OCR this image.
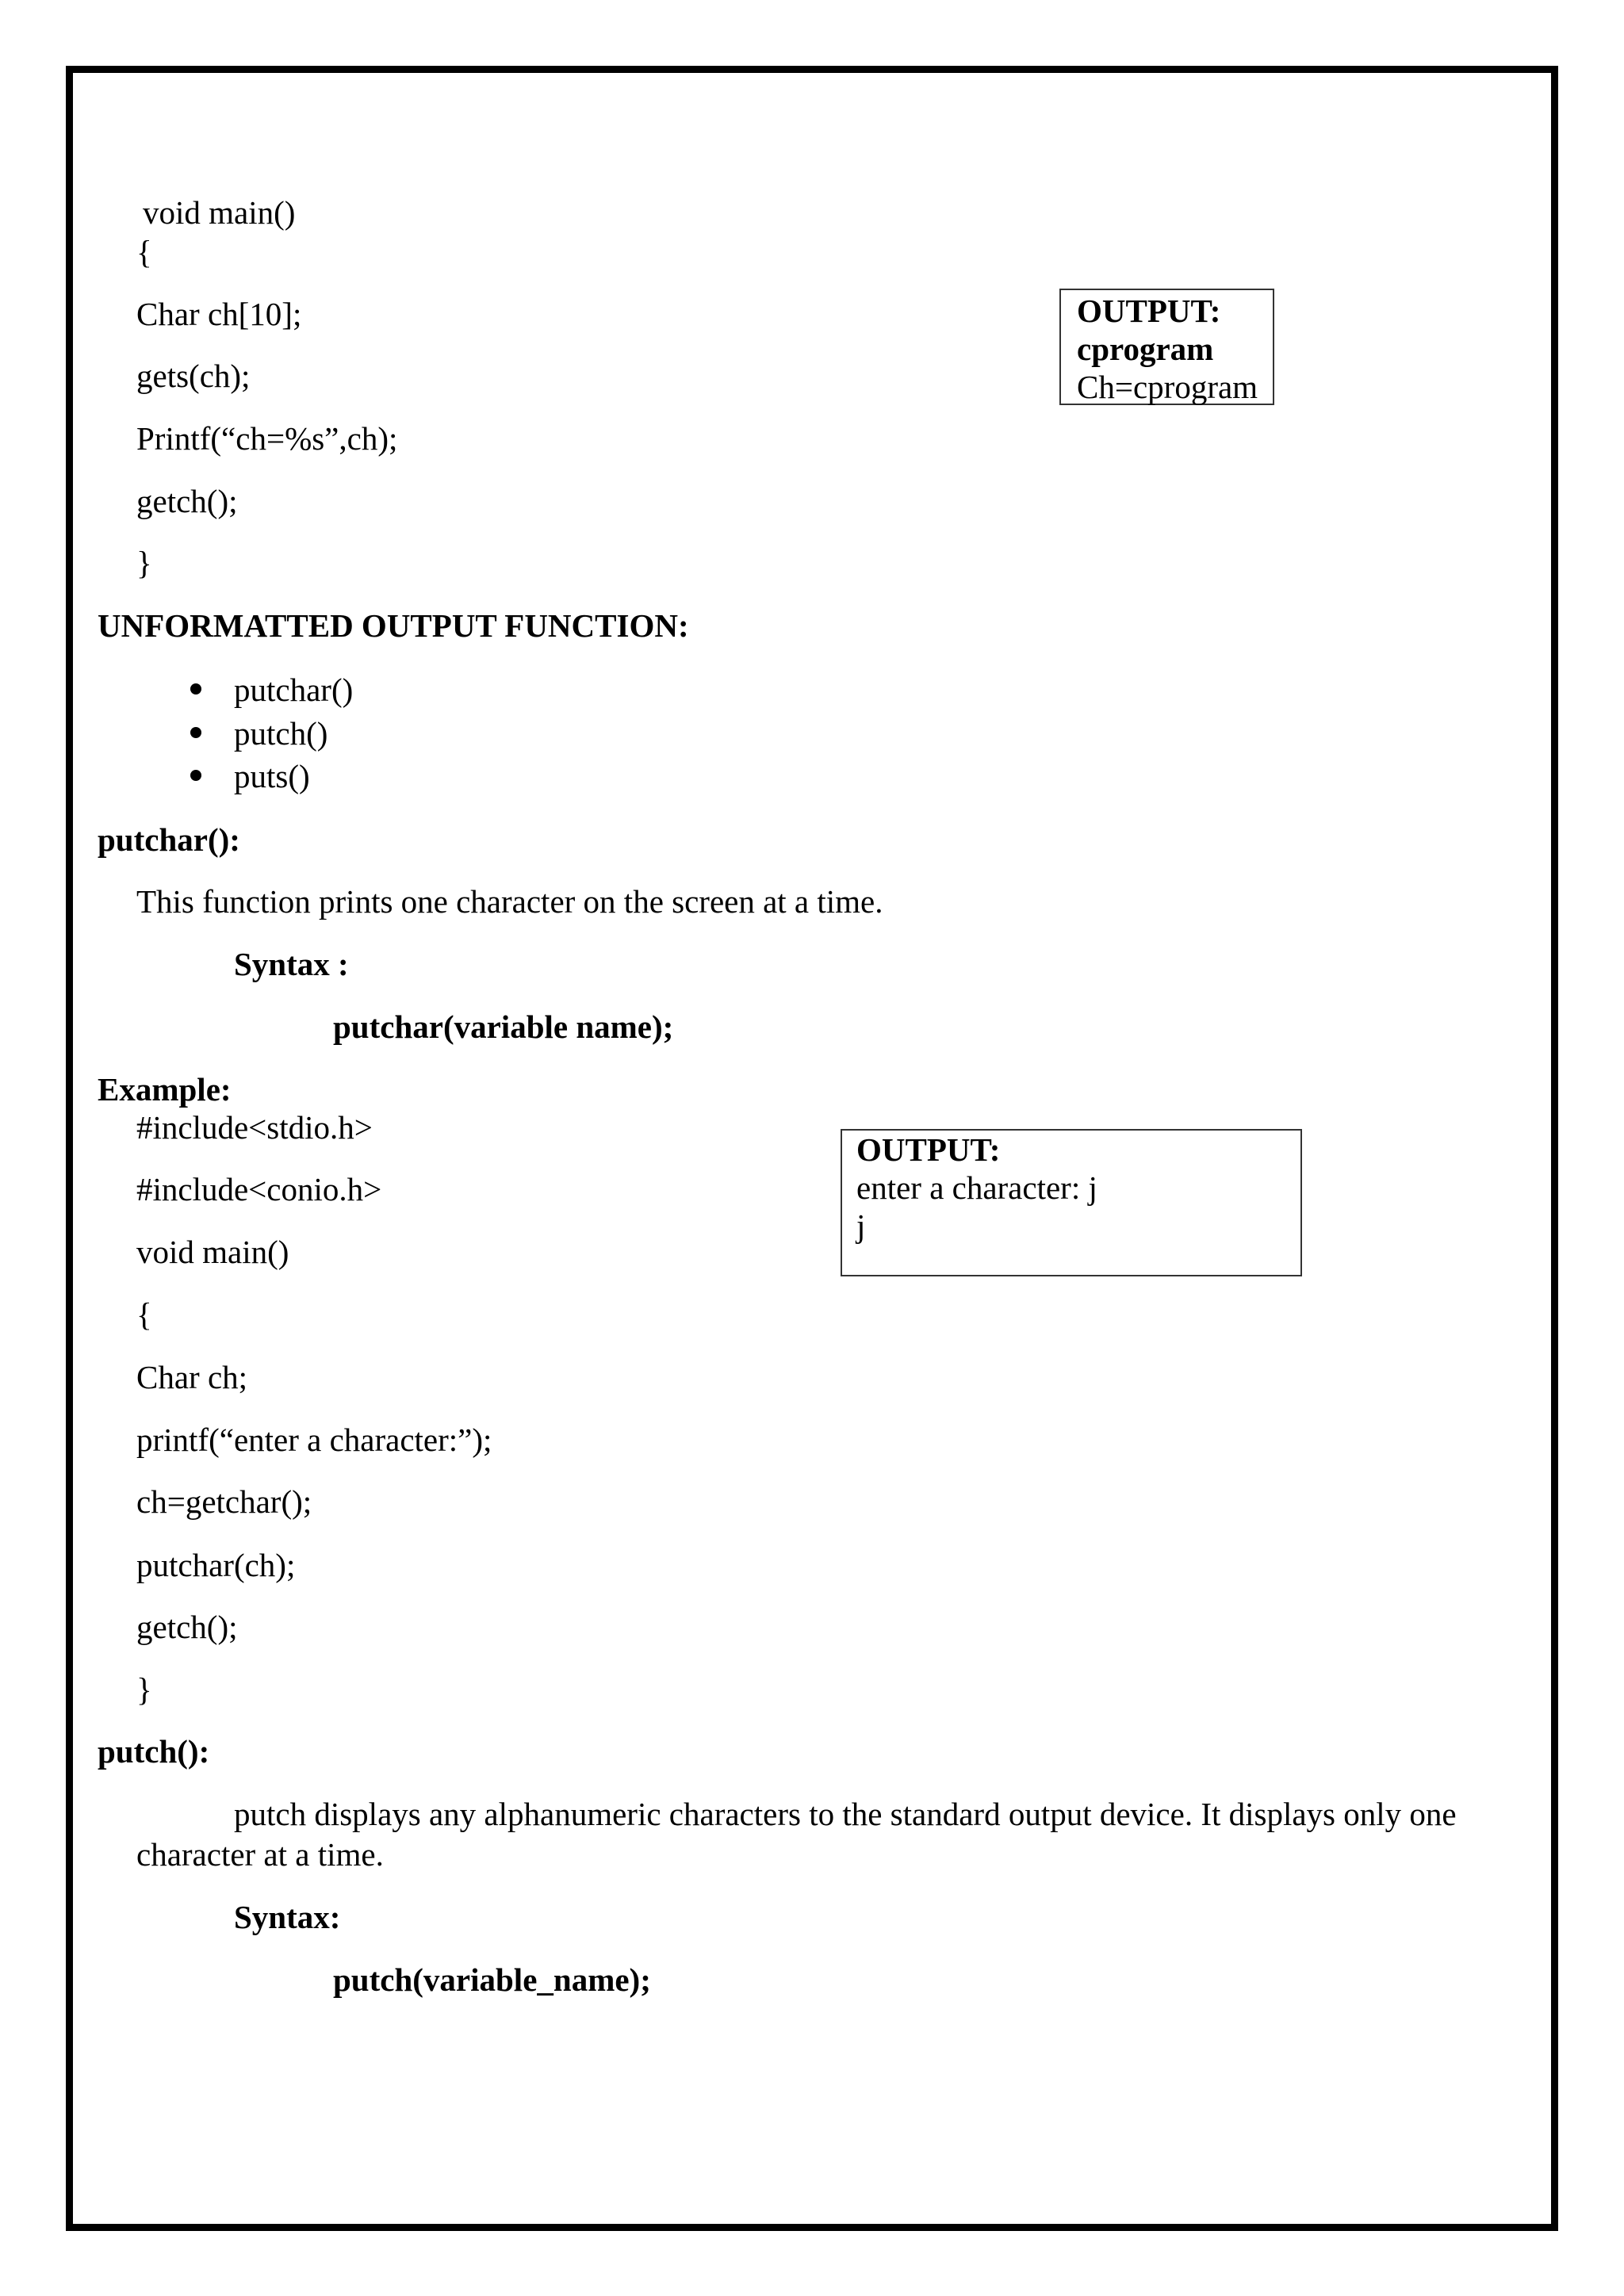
void main()
{
Char ch[10];
gets(ch);
Printf(“ch=%s”,ch);
getch();
}
OUTPUT:
cprogram
Ch=cprogram
UNFORMATTED OUTPUT FUNCTION:
putchar()
putch()
puts()
putchar():
This function prints one character on the screen at a time.
Syntax :
putchar(variable name);
Example:
#include<stdio.h>
#include<conio.h>
void main()
{
Char ch;
printf(“enter a character:”);
ch=getchar();
putchar(ch);
getch();
}
OUTPUT:
enter a character: j
j
putch():
putch displays any alphanumeric characters to the standard output device. It displays only one
character at a time.
Syntax:
putch(variable_name);
